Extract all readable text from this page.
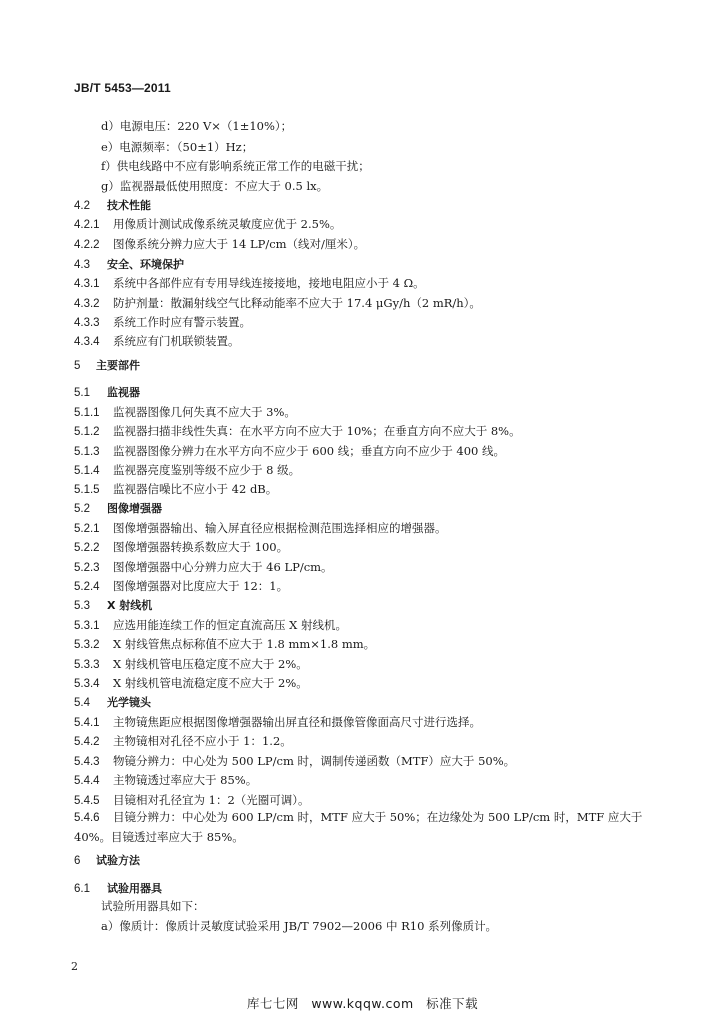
JB/T 5453—2011
d）电源电压：220 V×（1±10%）；
e）电源频率：（50±1）Hz；
f）供电线路中不应有影响系统正常工作的电磁干扰；
g）监视器最低使用照度：不应大于 0.5 lx。
4.2 技术性能
4.2.1 用像质计测试成像系统灵敏度应优于 2.5%。
4.2.2 图像系统分辨力应大于 14 LP/cm（线对/厘米）。
4.3 安全、环境保护
4.3.1 系统中各部件应有专用导线连接接地，接地电阻应小于 4 Ω。
4.3.2 防护剂量：散漏射线空气比释动能率不应大于 17.4 μGy/h（2 mR/h）。
4.3.3 系统工作时应有警示装置。
4.3.4 系统应有门机联锁装置。
5 主要部件
5.1 监视器
5.1.1 监视器图像几何失真不应大于 3%。
5.1.2 监视器扫描非线性失真：在水平方向不应大于 10%；在垂直方向不应大于 8%。
5.1.3 监视器图像分辨力在水平方向不应少于 600 线；垂直方向不应少于 400 线。
5.1.4 监视器亮度鉴别等级不应少于 8 级。
5.1.5 监视器信噪比不应小于 42 dB。
5.2 图像增强器
5.2.1 图像增强器输出、输入屏直径应根据检测范围选择相应的增强器。
5.2.2 图像增强器转换系数应大于 100。
5.2.3 图像增强器中心分辨力应大于 46 LP/cm。
5.2.4 图像增强器对比度应大于 12：1。
5.3 X 射线机
5.3.1 应选用能连续工作的恒定直流高压 X 射线机。
5.3.2 X 射线管焦点标称值不应大于 1.8 mm×1.8 mm。
5.3.3 X 射线机管电压稳定度不应大于 2%。
5.3.4 X 射线机管电流稳定度不应大于 2%。
5.4 光学镜头
5.4.1 主物镜焦距应根据图像增强器输出屏直径和摄像管像面高尺寸进行选择。
5.4.2 主物镜相对孔径不应小于 1：1.2。
5.4.3 物镜分辨力：中心处为 500 LP/cm 时，调制传递函数（MTF）应大于 50%。
5.4.4 主物镜透过率应大于 85%。
5.4.5 目镜相对孔径宜为 1：2（光圈可调）。
5.4.6 目镜分辨力：中心处为 600 LP/cm 时，MTF 应大于 50%；在边缘处为 500 LP/cm 时，MTF 应大于 40%。目镜透过率应大于 85%。
6 试验方法
6.1 试验用器具
试验所用器具如下：
a）像质计：像质计灵敏度试验采用 JB/T 7902—2006 中 R10 系列像质计。
2
库七七网 www.kqqw.com 标准下载
